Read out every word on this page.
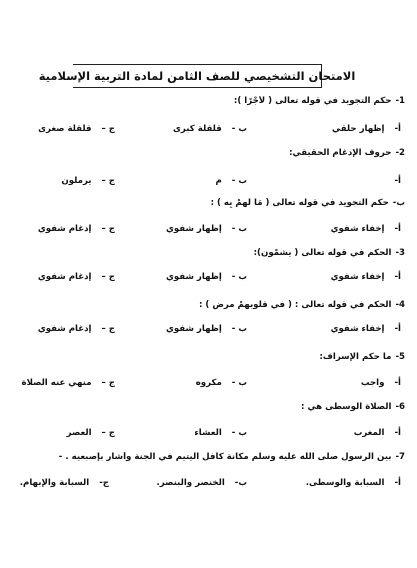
الامتحان التشخيصي للصف الثامن لمادة التربية الإسلامية
1-حكم التجويد في قوله تعالى ( لأجْرًا ):
أ-إظهار حلقي
ب -قلقلة كبرى
ج –قلقلة صغرى
2-حروف الإدغام الحقيقي:
أ-
ب -م
ج –يرملون
ب-حكم التجويد في قوله تعالى ( مَا لهمْ بِه ) :
أ-إخفاء شفوي
ب -إظهار شفوي
ج –إدغام شفوي
3-الحكم في قوله تعالى ( يشمْون):
أ-إخفاء شفوي
ب -إظهار شفوي
ج –إدغام شفوي
4-الحكم في قوله تعالى : ( في قلوبهمْ مرض ) :
أ-إخفاء شفوي
ب -إظهار شفوي
ج –إدغام شفوي
5-ما حكم الإسراف:
أ-واجب
ب -مكروه
ج –منهي عنه الصلاة
6-الصلاة الوسطى هي :
أ-المغرب
ب -العشاء
ج –العصر
7-بين الرسول صلى الله عليه وسلم مكانة كافل اليتيم في الجنة وأشار بإصبعيه . -
أ-السبابة والوسطى.
ب-الخنصر والبنصر.
ج-السبابة والإبهام.
